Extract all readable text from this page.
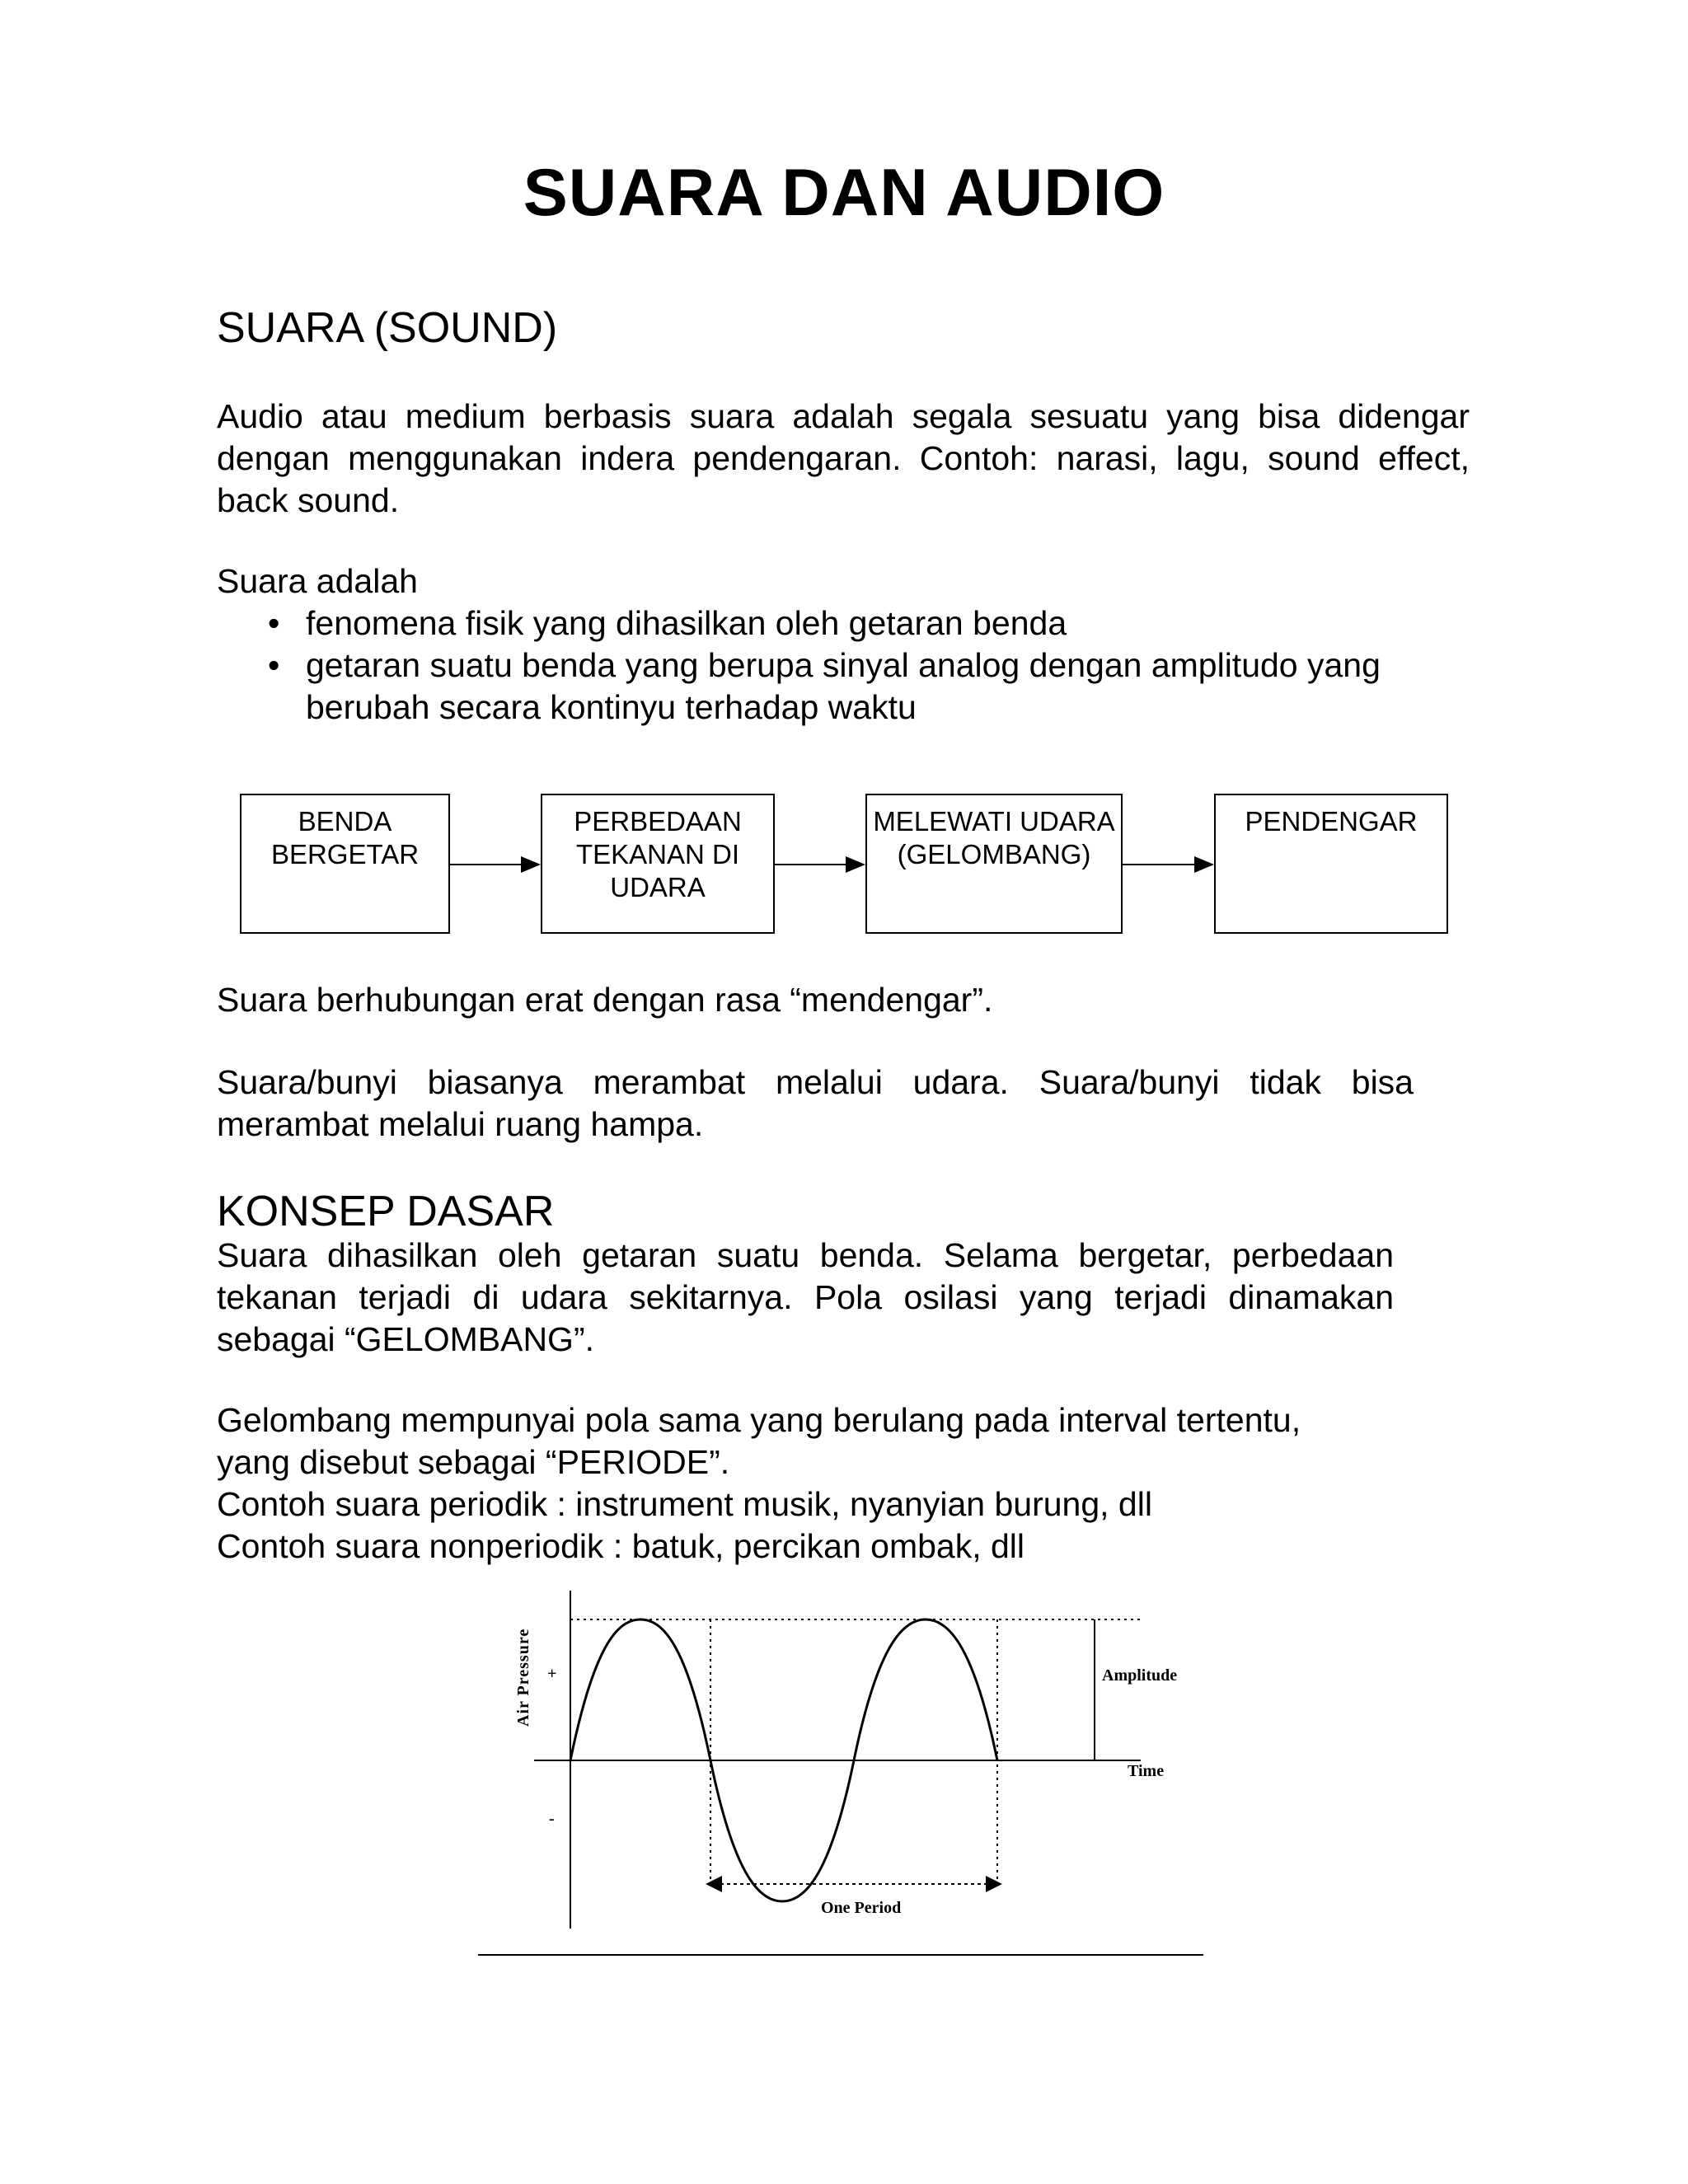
SUARA DAN AUDIO
SUARA (SOUND)
Audio atau medium berbasis suara adalah segala sesuatu yang bisa didengar dengan menggunakan indera pendengaran. Contoh: narasi, lagu, sound effect, back sound.
Suara adalah
• fenomena fisik yang dihasilkan oleh getaran benda
• getaran suatu benda yang berupa sinyal analog dengan amplitudo yang berubah secara kontinyu terhadap waktu
BENDA BERGETAR
PERBEDAAN TEKANAN DI UDARA
MELEWATI UDARA (GELOMBANG)
PENDENGAR
Suara berhubungan erat dengan rasa “mendengar”.
Suara/bunyi biasanya merambat melalui udara. Suara/bunyi tidak bisa merambat melalui ruang hampa.
KONSEP DASAR
Suara dihasilkan oleh getaran suatu benda. Selama bergetar, perbedaan tekanan terjadi di udara sekitarnya. Pola osilasi yang terjadi dinamakan sebagai “GELOMBANG”.
Gelombang mempunyai pola sama yang berulang pada interval tertentu,
yang disebut sebagai “PERIODE”.
Contoh suara periodik : instrument musik, nyanyian burung, dll
Contoh suara nonperiodik : batuk, percikan ombak, dll
Air Pressure +
-
Amplitude
Time
One Period
